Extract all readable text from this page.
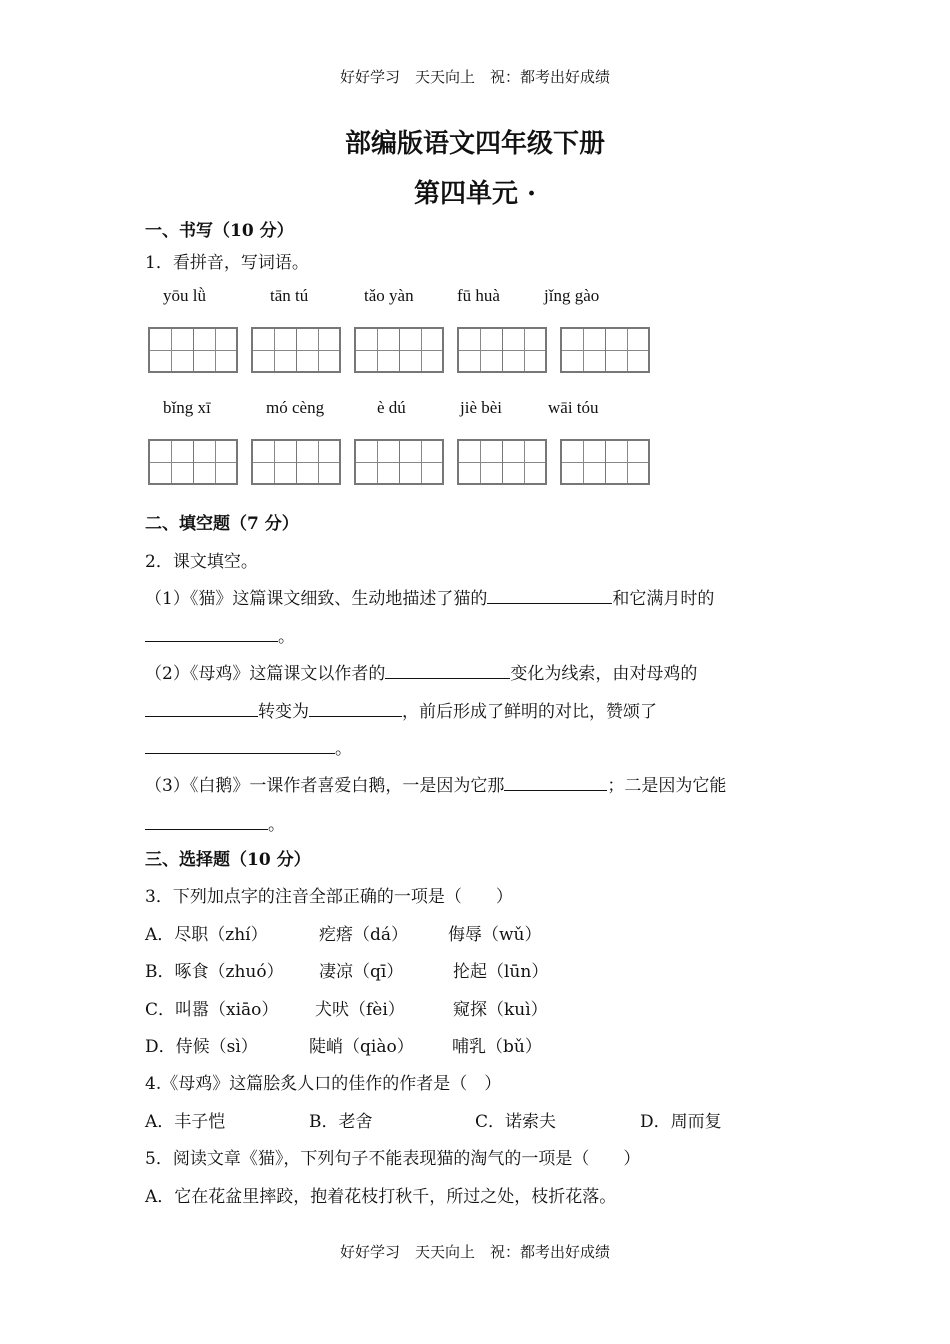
好好学习　天天向上　祝：都考出好成绩
部编版语文四年级下册
第四单元 ·
一、书写（10 分）
1．看拼音，写词语。
yōu lǜ	tān tú	tǎo yàn	fū huà	jǐng gào
bǐng xī	mó cèng	è dú	jiè bèi	wāi tóu
二、填空题（7 分）
2．课文填空。
（1）《猫》这篇课文细致、生动地描述了猫的	和它满月时的
。
（2）《母鸡》这篇课文以作者的	变化为线索，由对母鸡的
转变为	，前后形成了鲜明的对比，赞颂了
。
（3）《白鹅》一课作者喜爱白鹅，一是因为它那	；二是因为它能
。
三、选择题（10 分）
3．下列加点字的注音全部正确的一项是（　　）
A．尽职（zhí）	疙瘩（dá） 侮辱（wǔ）
B．啄食（zhuó） 凄凉（qī）	抡起（lūn）
C．叫嚣（xiāo） 犬吠（fèi）	窥探（kuì）
D．侍候（sì）	陡峭（qiào） 哺乳（bǔ）
4.《母鸡》这篇脍炙人口的佳作的作者是（　）
A．丰子恺	B．老舍	C．诺索夫	D．周而复
5．阅读文章《猫》，下列句子不能表现猫的淘气的一项是（　　）
A．它在花盆里摔跤，抱着花枝打秋千，所过之处，枝折花落。
好好学习　天天向上　祝：都考出好成绩
